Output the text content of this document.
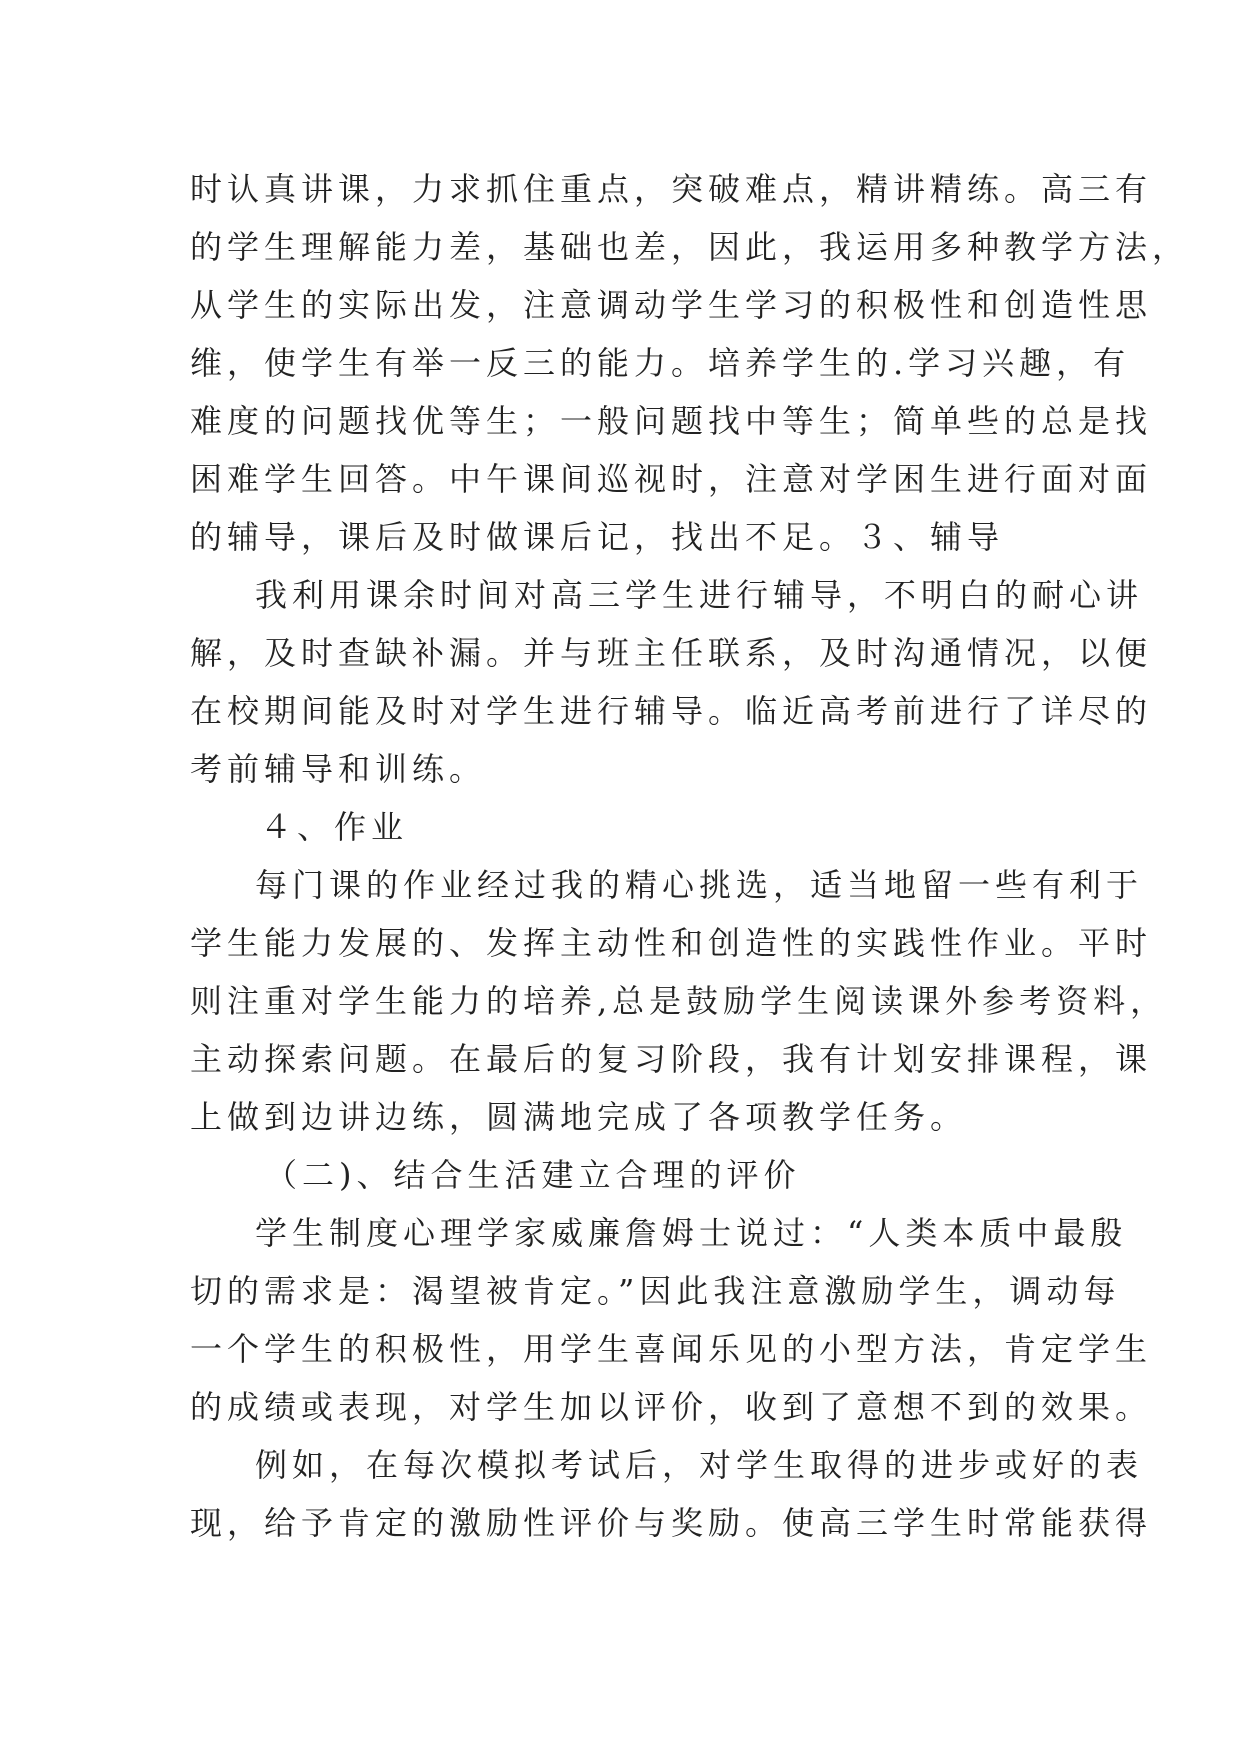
时认真讲课，力求抓住重点，突破难点，精讲精练。高三有

的学生理解能力差，基础也差，因此，我运用多种教学方法，

从学生的实际出发，注意调动学生学习的积极性和创造性思

维，使学生有举一反三的能力。培养学生的.学习兴趣，有

难度的问题找优等生；一般问题找中等生；简单些的总是找

困难学生回答。中午课间巡视时，注意对学困生进行面对面

的辅导，课后及时做课后记，找出不足。３、辅导

我利用课余时间对高三学生进行辅导，不明白的耐心讲

解，及时查缺补漏。并与班主任联系，及时沟通情况，以便

在校期间能及时对学生进行辅导。临近高考前进行了详尽的

考前辅导和训练。

４、作业

每门课的作业经过我的精心挑选，适当地留一些有利于

学生能力发展的、发挥主动性和创造性的实践性作业。平时

则注重对学生能力的培养,总是鼓励学生阅读课外参考资料，

主动探索问题。在最后的复习阶段，我有计划安排课程，课

上做到边讲边练，圆满地完成了各项教学任务。

（二)、结合生活建立合理的评价

学生制度心理学家威廉詹姆士说过：“人类本质中最殷

切的需求是：渴望被肯定。”因此我注意激励学生，调动每

一个学生的积极性，用学生喜闻乐见的小型方法，肯定学生

的成绩或表现，对学生加以评价，收到了意想不到的效果。

例如，在每次模拟考试后，对学生取得的进步或好的表

现，给予肯定的激励性评价与奖励。使高三学生时常能获得
